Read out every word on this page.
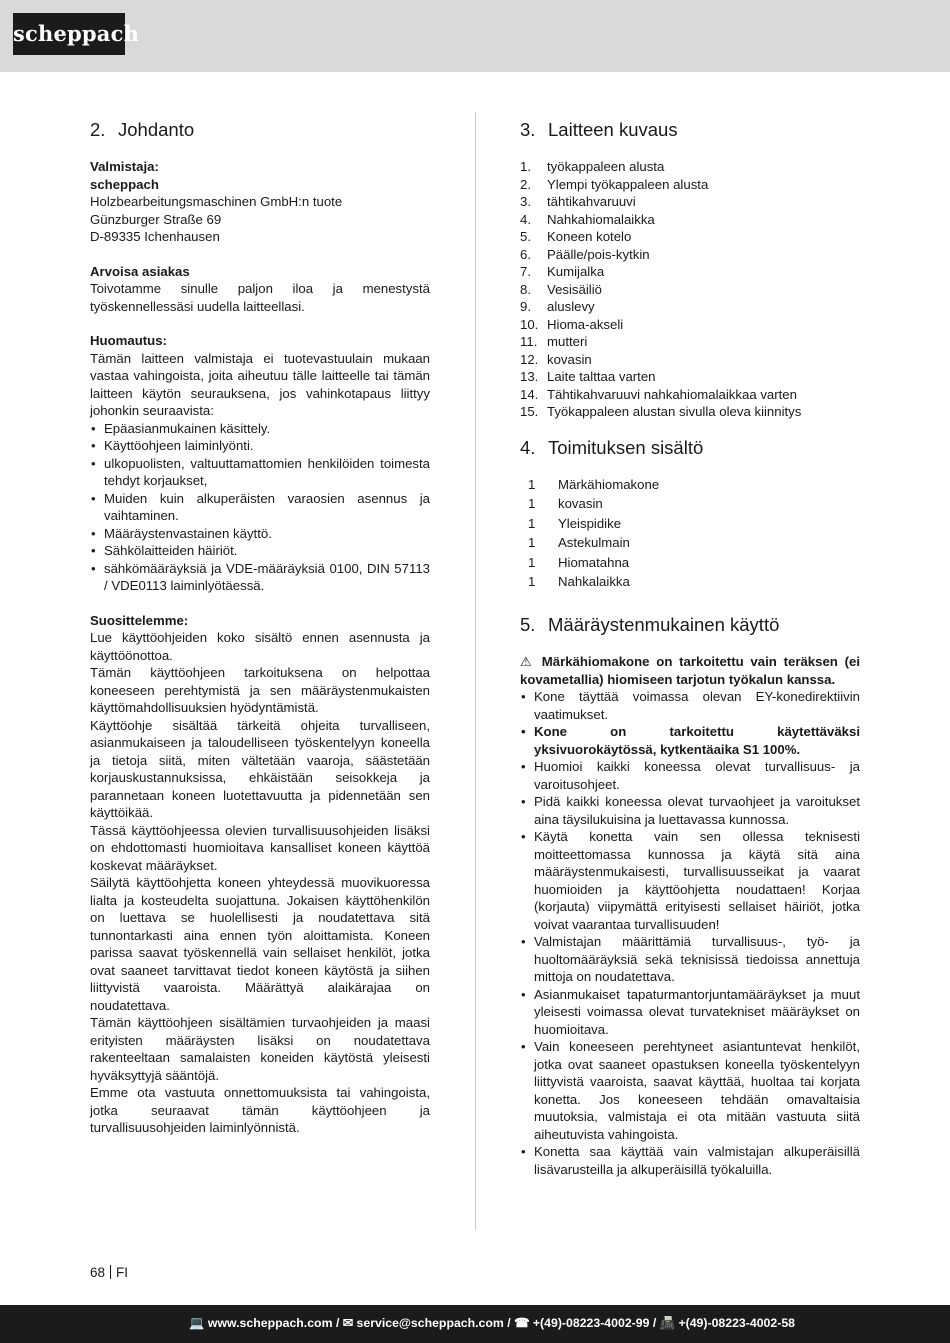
scheppach
2. Johdanto
Valmistaja:
scheppach
Holzbearbeitungsmaschinen GmbH:n tuote
Günzburger Straße 69
D-89335 Ichenhausen
Arvoisa asiakas

Toivotamme sinulle paljon iloa ja menestystä työskennellessäsi uudella laitteellasi.

Huomautus:

Tämän laitteen valmistaja ei tuotevastuulain mukaan vastaa vahingoista, joita aiheutuu tälle laitteelle tai tämän laitteen käytön seurauksena, jos vahinkotapaus liittyy johonkin seuraavista:

• Epäasianmukainen käsittely.
• Käyttöohjeen laiminlyönti.
• ulkopuolisten, valtuuttamattomien henkilöiden toimesta tehdyt korjaukset,
• Muiden kuin alkuperäisten varaosien asennus ja vaihtaminen.
• Määräystenvastainen käyttö.
• Sähkölaitteiden häiriöt.
• sähkömääräyksiä ja VDE-määräyksiä 0100, DIN 57113 / VDE0113 laiminlyötäessä.
Suosittelemme:

Lue käyttöohjeiden koko sisältö ennen asennusta ja käyttöönottoa.

Tämän käyttöohjeen tarkoituksena on helpottaa koneeseen perehtymistä ja sen määräystenmukaisten käyttömahdollisuuksien hyödyntämistä.

Käyttöohje sisältää tärkeitä ohjeita turvalliseen, asianmukaiseen ja taloudelliseen työskentelyyn koneella ja tietoja siitä, miten vältetään vaaroja, säästetään korjauskustannuksissa, ehkäistään seisokkeja ja parannetaan koneen luotettavuutta ja pidennetään sen käyttöikää.

Tässä käyttöohjeessa olevien turvallisuusohjeiden lisäksi on ehdottomasti huomioitava kansalliset koneen käyttöä koskevat määräykset.

Säilytä käyttöohjetta koneen yhteydessä muovikuoressa lialta ja kosteudelta suojattuna. Jokaisen käyttöhenkilön on luettava se huolellisesti ja noudatettava sitä tunnontarkasti aina ennen työn aloittamista. Koneen parissa saavat työskennellä vain sellaiset henkilöt, jotka ovat saaneet tarvittavat tiedot koneen käytöstä ja siihen liittyvistä vaaroista. Määrättyä alaikärajaa on noudatettava.

Tämän käyttöohjeen sisältämien turvaohjeiden ja maasi erityisten määräysten lisäksi on noudatettava rakenteeltaan samalaisten koneiden käytöstä yleisesti hyväksyttyjä sääntöjä.

Emme ota vastuuta onnettomuuksista tai vahingoista, jotka seuraavat tämän käyttöohjeen ja turvallisuusohjeiden laiminlyönnistä.

3. Laitteen kuvaus
1.	työkappaleen alusta
2.	Ylempi työkappaleen alusta
3.	tähtikahvaruuvi
4.	Nahkahiomalaikka
5.	Koneen kotelo
6.	Päälle/pois-kytkin
7.	Kumijalka
8.	Vesisäiliö
9.	aluslevy
10. Hioma-akseli
11. mutteri
12. kovasin
13. Laite talttaa varten
14. Tähtikahvaruuvi nahkahiomalaikkaa varten
15. Työkappaleen alustan sivulla oleva kiinnitys
4. Toimituksen sisältö
1	Märkähiomakone
1	kovasin
1	Yleispidike
1	Astekulmain
1	Hiomatahna
1	Nahkalaikka
5. Määräystenmukainen käyttö

⚠ Märkähiomakone on tarkoitettu vain teräksen (ei kovametallia) hiomiseen tarjotun työkalun kanssa.

• Kone täyttää voimassa olevan EY-konedirektiivin vaatimukset.
• Kone on tarkoitettu käytettäväksi yksivuorokäytössä, kytkentäaika S1 100%.
• Huomioi kaikki koneessa olevat turvallisuus- ja varoitusohjeet.
• Pidä kaikki koneessa olevat turvaohjeet ja varoitukset aina täysilukuisina ja luettavassa kunnossa.
• Käytä konetta vain sen ollessa teknisesti moitteettomassa kunnossa ja käytä sitä aina määräystenmukaisesti, turvallisuusseikat ja vaarat huomioiden ja käyttöohjetta noudattaen! Korjaa (korjauta) viipymättä erityisesti sellaiset häiriöt, jotka voivat vaarantaa turvallisuuden!
• Valmistajan määrittämiä turvallisuus-, työ- ja huoltomääräyksiä sekä teknisissä tiedoissa annettuja mittoja on noudatettava.
• Asianmukaiset tapaturmantorjuntamääräykset ja muut yleisesti voimassa olevat turvatekniset määräykset on huomioitava.
• Vain koneeseen perehtyneet asiantuntevat henkilöt, jotka ovat saaneet opastuksen koneella työskentelyyn liittyvistä vaaroista, saavat käyttää, huoltaa tai korjata konetta. Jos koneeseen tehdään omavaltaisia muutoksia, valmistaja ei ota mitään vastuuta siitä aiheutuvista vahingoista.
• Konetta saa käyttää vain valmistajan alkuperäisillä lisävarusteilla ja alkuperäisillä työkaluilla.
68 FI
💻 www.scheppach.com / ✉ service@scheppach.com / ☎ +(49)-08223-4002-99 / 📠 +(49)-08223-4002-58
